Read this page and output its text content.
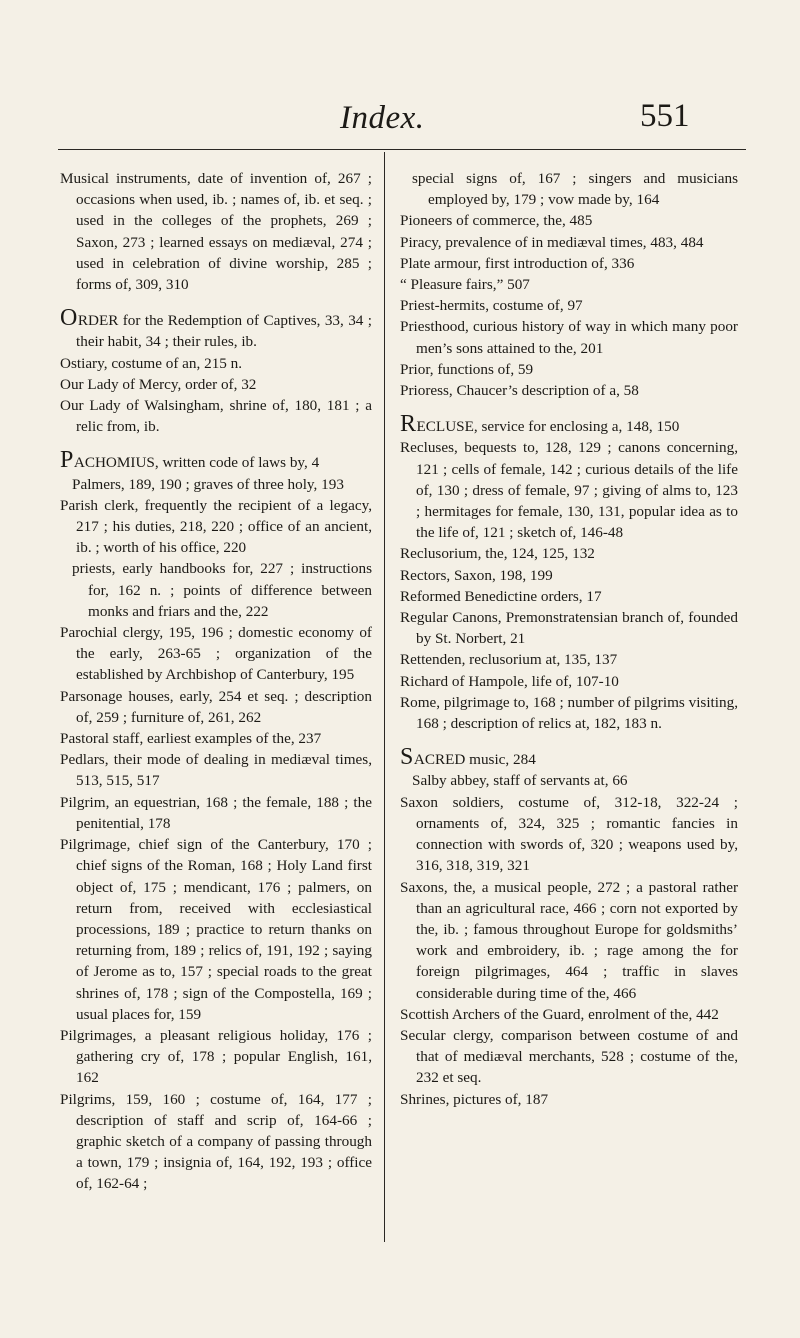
Index.	551

Musical instruments, date of invention of, 267 ; occasions when used, ib. ; names of, ib. et seq. ; used in the colleges of the prophets, 269 ; Saxon, 273 ; learned essays on mediæval, 274 ; used in celebration of divine worship, 285 ; forms of, 309, 310

ORDER for the Redemption of Captives, 33, 34 ; their habit, 34 ; their rules, ib.

Ostiary, costume of an, 215 n.

Our Lady of Mercy, order of, 32

Our Lady of Walsingham, shrine of, 180, 181 ; a relic from, ib.

PACHOMIUS, written code of laws by, 4

Palmers, 189, 190 ; graves of three holy, 193

Parish clerk, frequently the recipient of a legacy, 217 ; his duties, 218, 220 ; office of an ancient, ib. ; worth of his office, 220

priests, early handbooks for, 227 ; instructions for, 162 n. ; points of difference between monks and friars and the, 222

Parochial clergy, 195, 196 ; domestic economy of the early, 263-65 ; organization of the established by Archbishop of Canterbury, 195

Parsonage houses, early, 254 et seq. ; description of, 259 ; furniture of, 261, 262

Pastoral staff, earliest examples of the, 237

Pedlars, their mode of dealing in mediæval times, 513, 515, 517

Pilgrim, an equestrian, 168 ; the female, 188 ; the penitential, 178

Pilgrimage, chief sign of the Canterbury, 170 ; chief signs of the Roman, 168 ; Holy Land first object of, 175 ; mendicant, 176 ; palmers, on return from, received with ecclesiastical processions, 189 ; practice to return thanks on returning from, 189 ; relics of, 191, 192 ; saying of Jerome as to, 157 ; special roads to the great shrines of, 178 ; sign of the Compostella, 169 ; usual places for, 159

Pilgrimages, a pleasant religious holiday, 176 ; gathering cry of, 178 ; popular English, 161, 162

Pilgrims, 159, 160 ; costume of, 164, 177 ; description of staff and scrip of, 164-66 ; graphic sketch of a company of passing through a town, 179 ; insignia of, 164, 192, 193 ; office of, 162-64 ;

special signs of, 167 ; singers and musicians employed by, 179 ; vow made by, 164

Pioneers of commerce, the, 485

Piracy, prevalence of in mediæval times, 483, 484

Plate armour, first introduction of, 336

“ Pleasure fairs,” 507

Priest-hermits, costume of, 97

Priesthood, curious history of way in which many poor men’s sons attained to the, 201

Prior, functions of, 59

Prioress, Chaucer’s description of a, 58

RECLUSE, service for enclosing a, 148, 150

Recluses, bequests to, 128, 129 ; canons concerning, 121 ; cells of female, 142 ; curious details of the life of, 130 ; dress of female, 97 ; giving of alms to, 123 ; hermitages for female, 130, 131, popular idea as to the life of, 121 ; sketch of, 146-48

Reclusorium, the, 124, 125, 132

Rectors, Saxon, 198, 199

Reformed Benedictine orders, 17

Regular Canons, Premonstratensian branch of, founded by St. Norbert, 21

Rettenden, reclusorium at, 135, 137

Richard of Hampole, life of, 107-10

Rome, pilgrimage to, 168 ; number of pilgrims visiting, 168 ; description of relics at, 182, 183 n.

SACRED music, 284

Salby abbey, staff of servants at, 66

Saxon soldiers, costume of, 312-18, 322-24 ; ornaments of, 324, 325 ; romantic fancies in connection with swords of, 320 ; weapons used by, 316, 318, 319, 321

Saxons, the, a musical people, 272 ; a pastoral rather than an agricultural race, 466 ; corn not exported by the, ib. ; famous throughout Europe for goldsmiths’ work and embroidery, ib. ; rage among the for foreign pilgrimages, 464 ; traffic in slaves considerable during time of the, 466

Scottish Archers of the Guard, enrolment of the, 442

Secular clergy, comparison between costume of and that of mediæval merchants, 528 ; costume of the, 232 et seq.

Shrines, pictures of, 187
